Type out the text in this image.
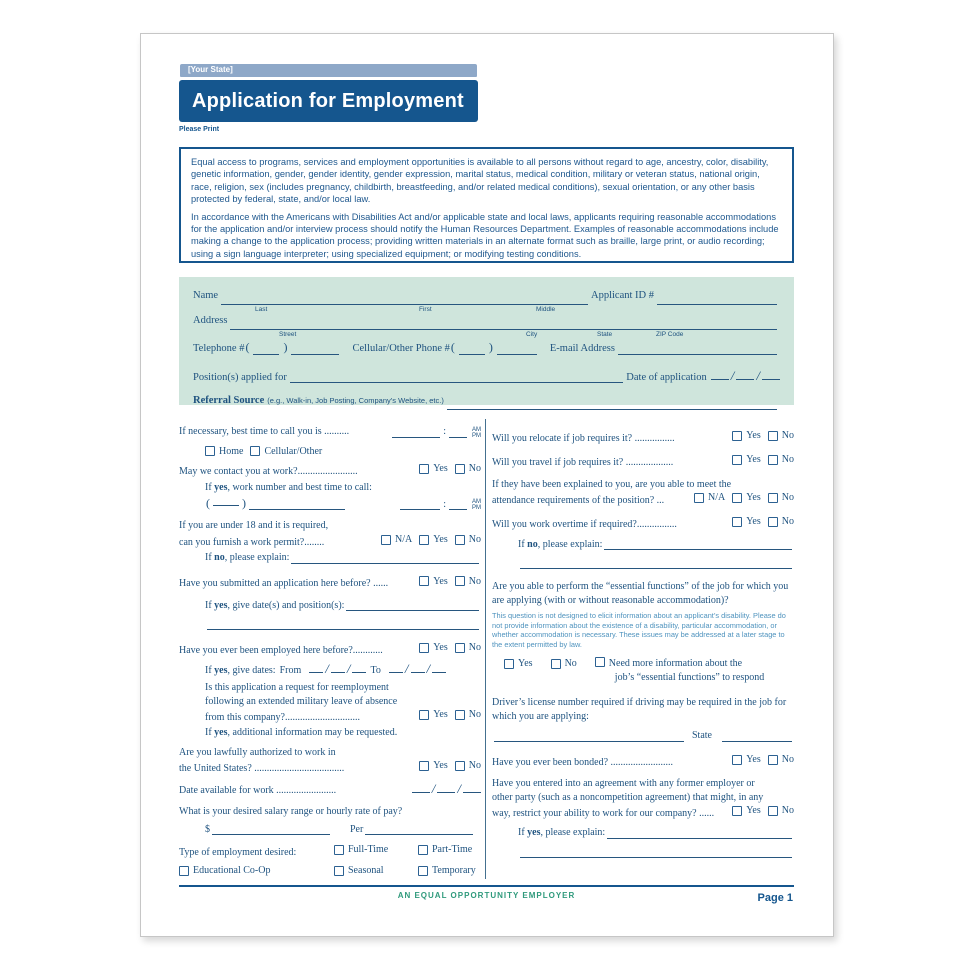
[Your State]
Application for Employment
Please Print

Equal access to programs, services and employment opportunities is available to all persons without regard to age, ancestry, color, disability, genetic information, gender, gender identity, gender expression, marital status, medical condition, military or veteran status, national origin, race, religion, sex (includes pregnancy, childbirth, breastfeeding, and/or related medical conditions), sexual orientation, or any other basis protected by federal, state, and/or local law.

In accordance with the Americans with Disabilities Act and/or applicable state and local laws, applicants requiring reasonable accommodations for the application and/or interview process should notify the Human Resources Department. Examples of reasonable accommodations include making a change to the application process; providing written materials in an alternate format such as braille, large print, or audio recording; using a sign language interpreter; using specialized equipment; or modifying testing conditions.

Name	Applicant ID #
Last	First	Middle
Address
Street	City	State	ZIP Code
Telephone # (	)	Cellular/Other Phone # (	)	E-mail Address
Position(s) applied for	Date of application / /
Referral Source (e.g., Walk-in, Job Posting, Company’s Website, etc.)
If necessary, best time to call you is ..........	:	AM
PM
Home Cellular/Other
May we contact you at work?........................	Yes No
If yes, work number and best time to call:
(	)	:	AM
PM
If you are under 18 and it is required,
can you furnish a work permit?........	N/A Yes No
If no, please explain:
Have you submitted an application here before? ......	Yes No
If yes, give date(s) and position(s):
Have you ever been employed here before?............	Yes No
If yes, give dates: From / / To / /
Is this application a request for reemployment
following an extended military leave of absence
from this company?..............................	Yes No
If yes, additional information may be requested.
Are you lawfully authorized to work in
the United States? ....................................	Yes No
Date available for work ........................	/ /
What is your desired salary range or hourly rate of pay?
$	Per
Type of employment desired:	Full-Time	Part-Time
Educational Co-Op	Seasonal	Temporary
Will you relocate if job requires it? ................	Yes No
Will you travel if job requires it? ...................	Yes No
If they have been explained to you, are you able to meet the
attendance requirements of the position? ...	N/A Yes No
Will you work overtime if required?................	Yes No
If no, please explain:
Are you able to perform the “essential functions” of the job for which you are applying (with or without reasonable accommodation)?
This question is not designed to elicit information about an applicant’s disability. Please do not provide information about the existence of a disability, particular accommodation, or whether accommodation is necessary. These issues may be addressed at a later stage to the extent permitted by law.
Yes	No	Need more information about the
job’s “essential functions” to respond
Driver’s license number required if driving may be required in the job for which you are applying:
State
Have you ever been bonded? .........................	Yes No
Have you entered into an agreement with any former employer or
other party (such as a noncompetition agreement) that might, in any
way, restrict your ability to work for our company? ......	Yes No
If yes, please explain:
AN EQUAL OPPORTUNITY EMPLOYER	Page 1
